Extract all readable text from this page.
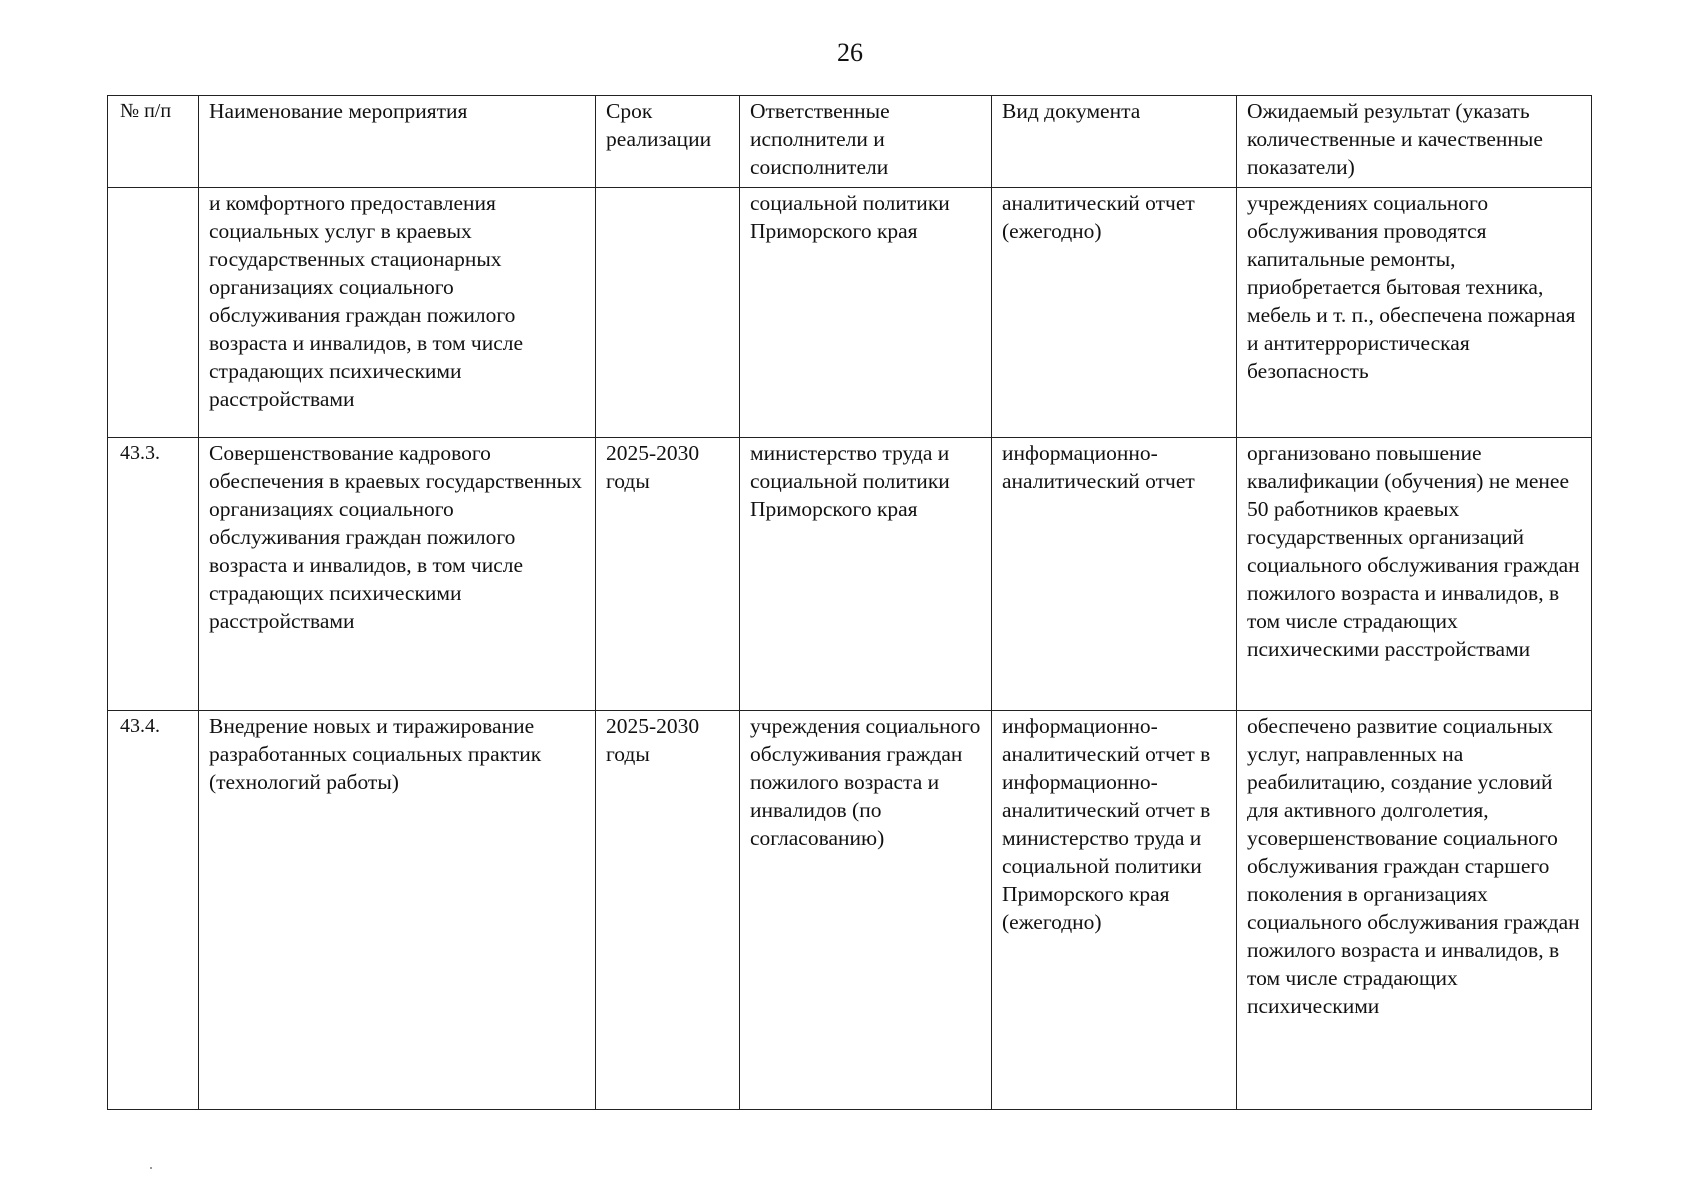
26
№ п/п	Наименование мероприятия	Срок реализации	Ответственные исполнители и соисполнители	Вид документа	Ожидаемый результат (указать количественные и качественные показатели)
	и комфортного предоставления социальных услуг в краевых государственных стационарных организациях социального обслуживания граждан пожилого возраста и инвалидов, в том числе страдающих психическими расстройствами		социальной политики Приморского края	аналитический отчет (ежегодно)	учреждениях социального обслуживания проводятся капитальные ремонты, приобретается бытовая техника, мебель и т. п., обеспечена пожарная и антитеррористическая безопасность
43.3.	Совершенствование кадрового обеспечения в краевых государственных организациях социального обслуживания граждан пожилого возраста и инвалидов, в том числе страдающих психическими расстройствами	2025-2030 годы	министерство труда и социальной политики Приморского края	информационно-аналитический отчет	организовано повышение квалификации (обучения) не менее 50 работников краевых государственных организаций социального обслуживания граждан пожилого возраста и инвалидов, в том числе страдающих психическими расстройствами
43.4.	Внедрение новых и тиражирование разработанных социальных практик (технологий работы)	2025-2030 годы	учреждения социального обслуживания граждан пожилого возраста и инвалидов (по согласованию)	информационно-аналитический отчет в информационно-аналитический отчет в министерство труда и социальной политики Приморского края (ежегодно)	обеспечено развитие социальных услуг, направленных на реабилитацию, создание условий для активного долголетия, усовершенствование социального обслуживания граждан старшего поколения в организациях социального обслуживания граждан пожилого возраста и инвалидов, в том числе страдающих психическими
